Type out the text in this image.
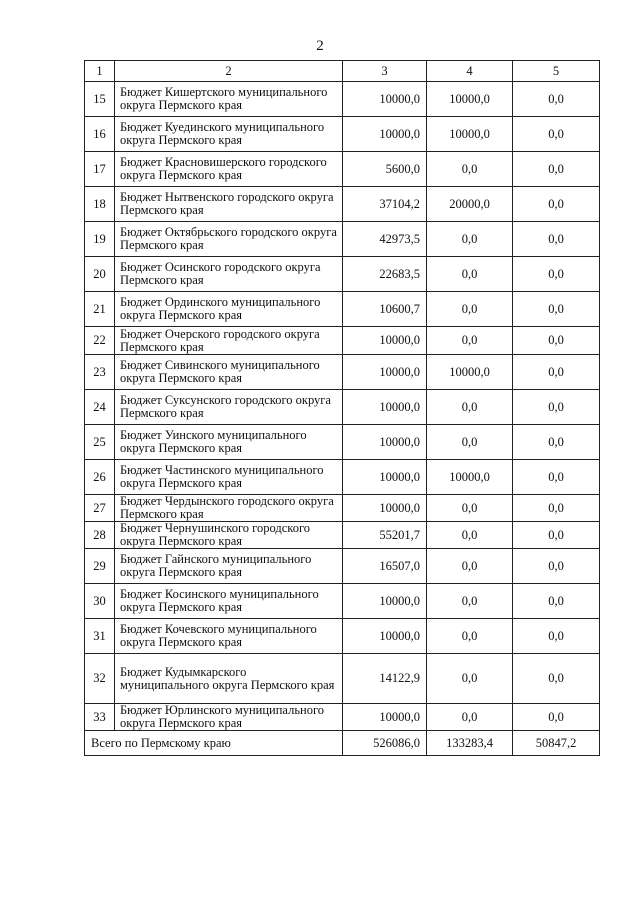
2
1	2	3	4	5
15	Бюджет Кишертского муниципального округа Пермского края	10000,0	10000,0	0,0
16	Бюджет Куединского муниципального округа Пермского края	10000,0	10000,0	0,0
17	Бюджет Красновишерского городского округа Пермского края	5600,0	0,0	0,0
18	Бюджет Нытвенского городского округа Пермского края	37104,2	20000,0	0,0
19	Бюджет Октябрьского городского округа Пермского края	42973,5	0,0	0,0
20	Бюджет Осинского городского округа Пермского края	22683,5	0,0	0,0
21	Бюджет Ординского муниципального округа Пермского края	10600,7	0,0	0,0
22	Бюджет Очерского городского округа Пермского края	10000,0	0,0	0,0
23	Бюджет Сивинского муниципального округа Пермского края	10000,0	10000,0	0,0
24	Бюджет Суксунского городского округа Пермского края	10000,0	0,0	0,0
25	Бюджет Уинского муниципального округа Пермского края	10000,0	0,0	0,0
26	Бюджет Частинского муниципального округа Пермского края	10000,0	10000,0	0,0
27	Бюджет Чердынского городского округа Пермского края	10000,0	0,0	0,0
28	Бюджет Чернушинского городского округа Пермского края	55201,7	0,0	0,0
29	Бюджет Гайнского муниципального округа Пермского края	16507,0	0,0	0,0
30	Бюджет Косинского муниципального округа Пермского края	10000,0	0,0	0,0
31	Бюджет Кочевского муниципального округа Пермского края	10000,0	0,0	0,0
32	Бюджет Кудымкарского муниципального округа Пермского края	14122,9	0,0	0,0
33	Бюджет Юрлинского муниципального округа Пермского края	10000,0	0,0	0,0
Всего по Пермскому краю		526086,0	133283,4	50847,2
